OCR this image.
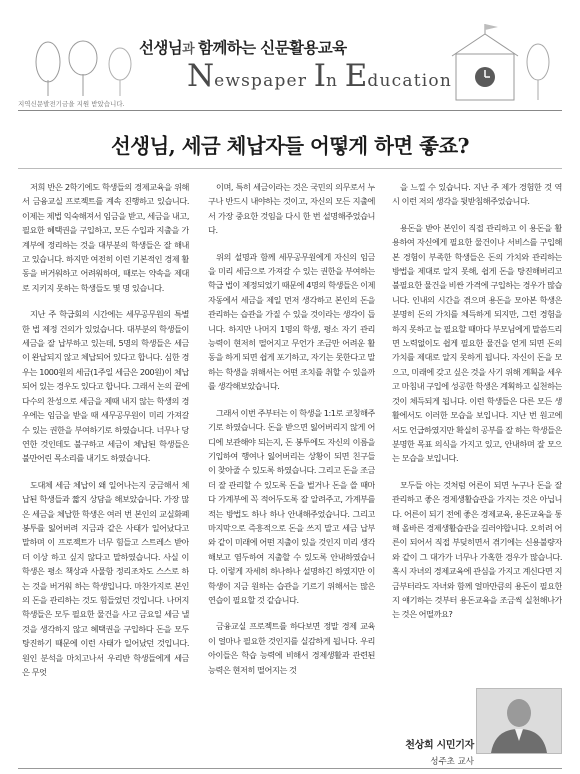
선생님과 함께하는 신문활용교육
Newspaper In Education
지역신문발전기금을 지원 받았습니다.
선생님, 세금 체납자들 어떻게 하면 좋죠?

저희 반은 2학기에도 학생들의 경제교육을 위해서 금융교실 프로젝트를 계속 진행하고 있습니다. 이제는 제법 익숙해져서 임금을 받고, 세금을 내고, 필요한 혜택권을 구입하고, 모든 수입과 지출을 가계부에 정리하는 것을 대부분의 학생들은 잘 해내고 있습니다. 하지만 여전히 이런 기본적인 경제 활동을 버거워하고 어려워하며, 때로는 약속을 제대로 지키지 못하는 학생들도 몇 명 있습니다.

지난 주 학급회의 시간에는 세무공무원의 특별한 법 제정 건의가 있었습니다. 대부분의 학생들이 세금을 잘 납부하고 있는데, 5명의 학생들은 세금이 완납되지 않고 체납되어 있다고 합니다. 심한 경우는 1000원의 세금(1주일 세금은 200원)이 체납되어 있는 경우도 있다고 합니다. 그래서 논의 끝에 다수의 찬성으로 세금을 제때 내지 않는 학생의 경우에는 임금을 받을 때 세무공무원이 미리 가져갈 수 있는 권한을 부여하기로 하였습니다. 너무나 당연한 것인데도 불구하고 세금이 체납된 학생들은 불만어린 목소리를 내기도 하였습니다.

도대체 세금 체납이 왜 일어나는지 궁금해서 체납된 학생들과 짧지 상담을 해보았습니다. 가장 많은 세금을 체납한 학생은 여러 번 본인의 교실화폐 봉투를 잃어버려 지금과 같은 사태가 일어났다고 말하며 이 프로젝트가 너무 힘들고 스트레스 받아 더 이상 하고 싶지 않다고 말하였습니다. 사실 이 학생은 평소 책상과 사물함 정리조차도 스스로 하는 것을 버거워 하는 학생입니다. 마찬가지로 본인의 돈을 관리하는 것도 힘들었던 것입니다. 나머지 학생들은 모두 필요한 물건을 사고 금요일 세금 낼 것을 생각하지 않고 혜택권을 구입하다 돈을 모두 탕진하기 때문에 이런 사태가 일어났던 것입니다. 원인 분석을 마치고나서 우리반 학생들에게 세금은 무엇

이며, 특히 세금이라는 것은 국민의 의무로서 누구나 반드시 내야하는 것이고, 자신의 모든 지출에서 가장 중요한 것임을 다시 한 번 설명해주었습니다.

위의 설명과 함께 세무공무원에게 자신의 임금을 미리 세금으로 가져갈 수 있는 권한을 부여하는 학급 법이 제정되었기 때문에 4명의 학생들은 이제 자동에서 세금을 제일 먼저 생각하고 본인의 돈을 관리하는 습관을 가질 수 있을 것이라는 생각이 듭니다. 하지만 나머지 1명의 학생, 평소 자기 관리 능력이 현저히 떨어지고 무언가 조금만 어려운 활동을 하게 되면 쉽게 포기하고, 자기는 못한다고 말하는 학생을 위해서는 어떤 조치를 취할 수 있을까를 생각해보았습니다.

그래서 이번 주부터는 이 학생을 1:1로 코칭해주기로 하였습니다. 돈을 받으면 잃어버리지 않게 어디에 보관해야 되는지, 돈 봉투에도 자신의 이름을 기입하여 행여나 잃어버리는 상황이 되면 친구들이 찾아줄 수 있도록 하였습니다. 그리고 돈을 조금 더 잘 관리할 수 있도록 돈을 벌거나 돈을 쓸 때마다 가계부에 꼭 적어두도록 잘 알려주고, 가계부를 적는 방법도 하나 하나 안내해주었습니다. 그리고 마지막으로 즉흥적으로 돈을 쓰지 말고 세금 납부와 같이 미래에 어떤 지출이 있을 것인지 미리 생각해보고 염두하여 지출할 수 있도록 안내하였습니다. 이렇게 자세히 하나하나 설명하긴 하였지만 이 학생이 지금 원하는 습관을 기르기 위해서는 많은 연습이 필요할 것 같습니다.

금융교실 프로젝트를 하다보면 정말 경제 교육이 얼마나 필요한 것인지를 실감하게 됩니다. 우리 아이들은 학습 능력에 비해서 경제생활과 관련된 능력은 현저히 떨어지는 것

을 느낄 수 있습니다. 지난 주 제가 경험한 것 역시 이런 저의 생각을 뒷받침해주었습니다.

용돈을 받아 본인이 직접 관리하고 이 용돈을 활용하여 자신에게 필요한 물건이나 서비스를 구입해본 경험이 부족한 학생들은 돈의 가치와 관리하는 방법을 제대로 알지 못해, 쉽게 돈을 탕진해버리고 불필요한 물건을 비싼 가격에 구입하는 경우가 많습니다. 인내의 시간을 겪으며 용돈을 모아본 학생은 분명히 돈의 가치를 체득하게 되지만, 그런 경험을 하지 못하고 늘 필요할 때마다 부모님에게 말씀드리면 노력없이도 쉽게 필요한 물건을 얻게 되면 돈의 가치를 제대로 알지 못하게 됩니다. 자신이 돈을 모으고, 미래에 갖고 싶은 것을 사기 위해 계획을 세우고 마침내 구입에 성공한 학생은 계획하고 실천하는 것이 체득되게 됩니다. 이런 학생들은 다른 모든 생활에서도 이러한 모습을 보입니다. 지난 번 원고에서도 언급하였지만 확실히 공부를 잘 하는 학생들은 분명한 목표 의식을 가지고 있고, 안내하며 잘 모으는 모습을 보입니다.

모두들 아는 것처럼 어른이 되면 누구나 돈을 잘 관리하고 좋은 경제생활습관을 가지는 것은 아닙니다. 어른이 되기 전에 좋은 경제교육, 용돈교육을 통해 올바른 경제생활습관을 길러야합니다. 오히려 어른이 되어서 직접 부딪히면서 겪기에는 신용불량자와 같이 그 대가가 너무나 가혹한 경우가 많습니다. 혹시 자녀의 경제교육에 관심을 가지고 계신다면 지금부터라도 자녀와 함께 얼마만큼의 용돈이 필요한지 얘기하는 것부터 용돈교육을 조금씩 실천해나가는 것은 어떨까요?

천상희 시민기자
성주초 교사
